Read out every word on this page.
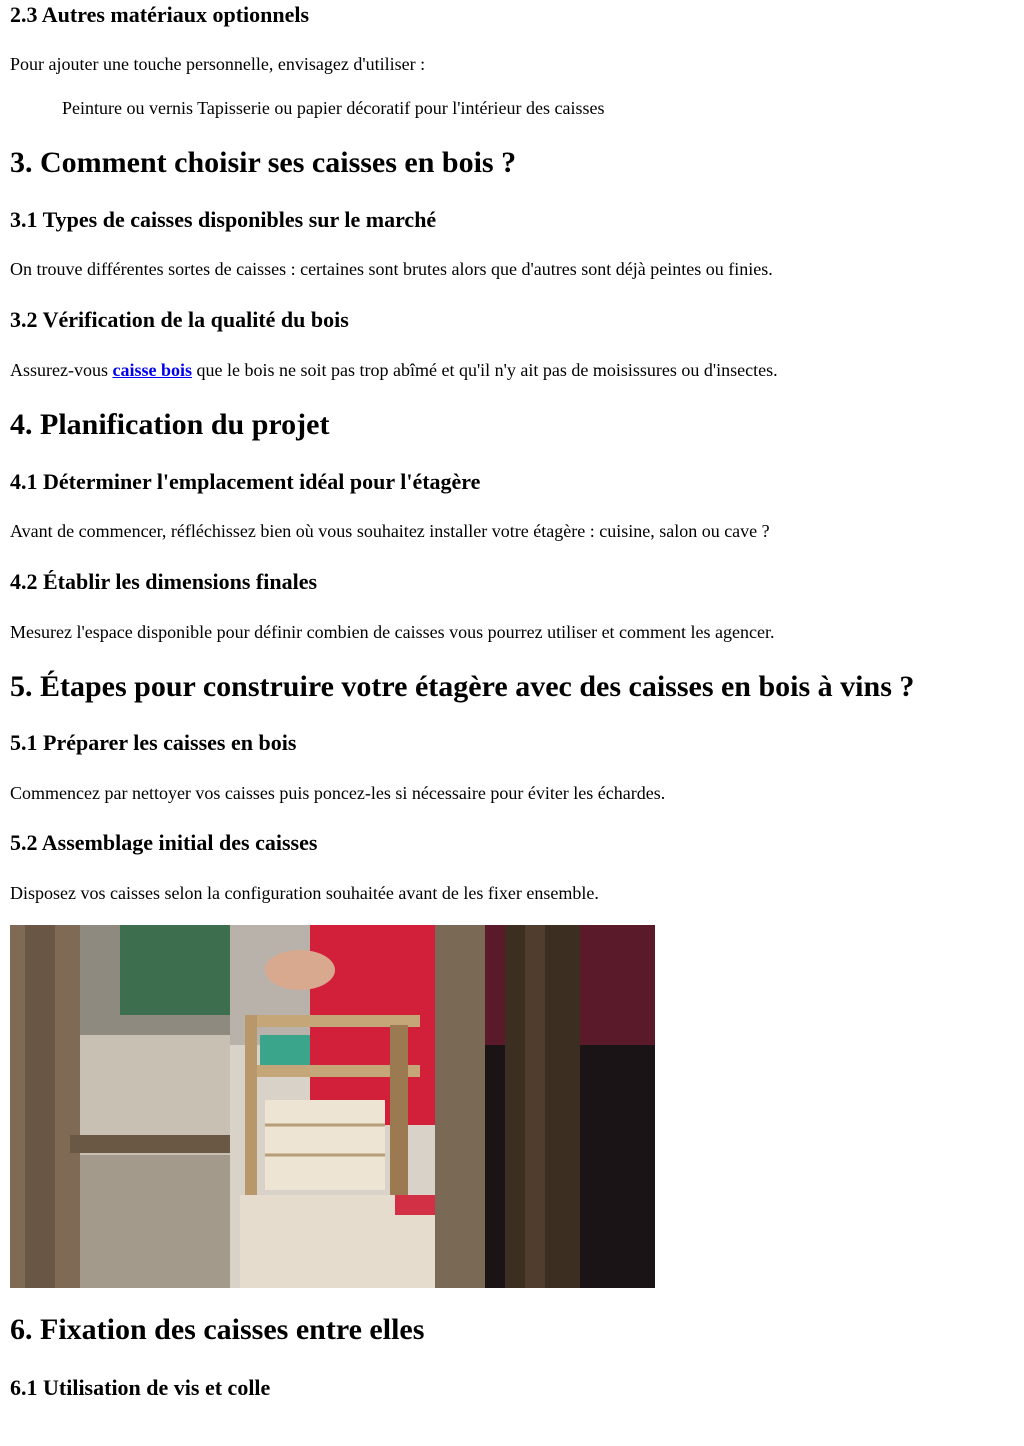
2.3 Autres matériaux optionnels

Pour ajouter une touche personnelle, envisagez d'utiliser :

Peinture ou vernis Tapisserie ou papier décoratif pour l'intérieur des caisses

3. Comment choisir ses caisses en bois ?
3.1 Types de caisses disponibles sur le marché

On trouve différentes sortes de caisses : certaines sont brutes alors que d'autres sont déjà peintes ou finies.

3.2 Vérification de la qualité du bois

Assurez-vous caisse bois que le bois ne soit pas trop abîmé et qu'il n'y ait pas de moisissures ou d'insectes.

4. Planification du projet
4.1 Déterminer l'emplacement idéal pour l'étagère

Avant de commencer, réfléchissez bien où vous souhaitez installer votre étagère : cuisine, salon ou cave ?

4.2 Établir les dimensions finales

Mesurez l'espace disponible pour définir combien de caisses vous pourrez utiliser et comment les agencer.

5. Étapes pour construire votre étagère avec des caisses en bois à vins ?
5.1 Préparer les caisses en bois

Commencez par nettoyer vos caisses puis poncez-les si nécessaire pour éviter les échardes.

5.2 Assemblage initial des caisses

Disposez vos caisses selon la configuration souhaitée avant de les fixer ensemble.

6. Fixation des caisses entre elles
6.1 Utilisation de vis et colle
